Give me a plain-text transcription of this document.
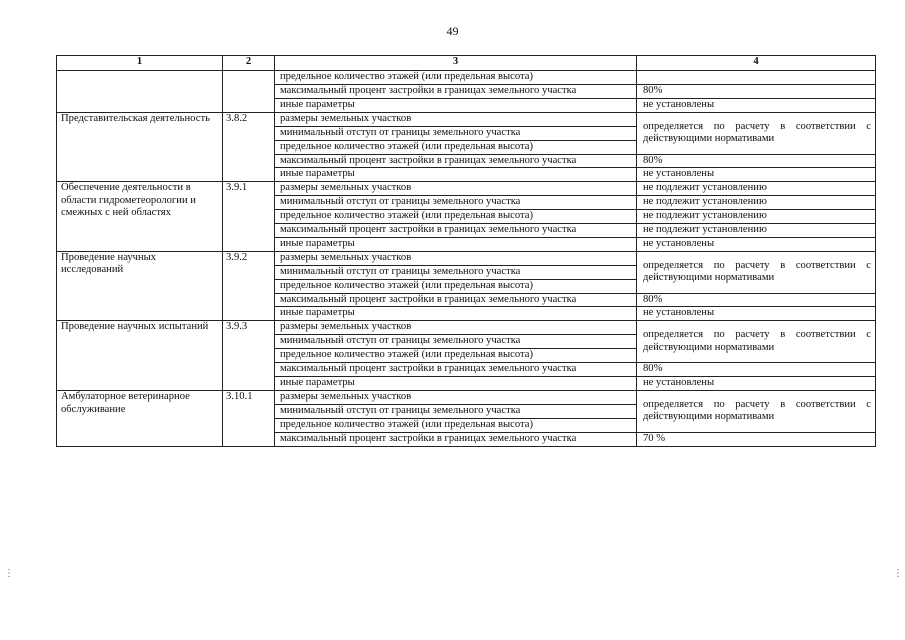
49
1	2	3	4
		предельное количество этажей (или предельная высота)	
		максимальный процент застройки в границах земельного участка	80%
		иные параметры	не установлены
Представительская деятельность	3.8.2	размеры земельных участков	определяется по расчету в соответствии с действующими нормативами
		минимальный отступ от границы земельного участка	
		предельное количество этажей (или предельная высота)	
		максимальный процент застройки в границах земельного участка	80%
		иные параметры	не установлены
Обеспечение деятельности в области гидрометеорологии и смежных с ней областях	3.9.1	размеры земельных участков	не подлежит установлению
		минимальный отступ от границы земельного участка	не подлежит установлению
		предельное количество этажей (или предельная высота)	не подлежит установлению
		максимальный процент застройки в границах земельного участка	не подлежит установлению
		иные параметры	не установлены
Проведение научных исследований	3.9.2	размеры земельных участков	определяется по расчету в соответствии с действующими нормативами
		минимальный отступ от границы земельного участка	
		предельное количество этажей (или предельная высота)	
		максимальный процент застройки в границах земельного участка	80%
		иные параметры	не установлены
Проведение научных испытаний	3.9.3	размеры земельных участков	определяется по расчету в соответствии с действующими нормативами
		минимальный отступ от границы земельного участка	
		предельное количество этажей (или предельная высота)	
		максимальный процент застройки в границах земельного участка	80%
		иные параметры	не установлены
Амбулаторное ветеринарное обслуживание	3.10.1	размеры земельных участков	определяется по расчету в соответствии с действующими нормативами
		минимальный отступ от границы земельного участка	
		предельное количество этажей (или предельная высота)	
		максимальный процент застройки в границах земельного участка	70 %
⋮	⋮
